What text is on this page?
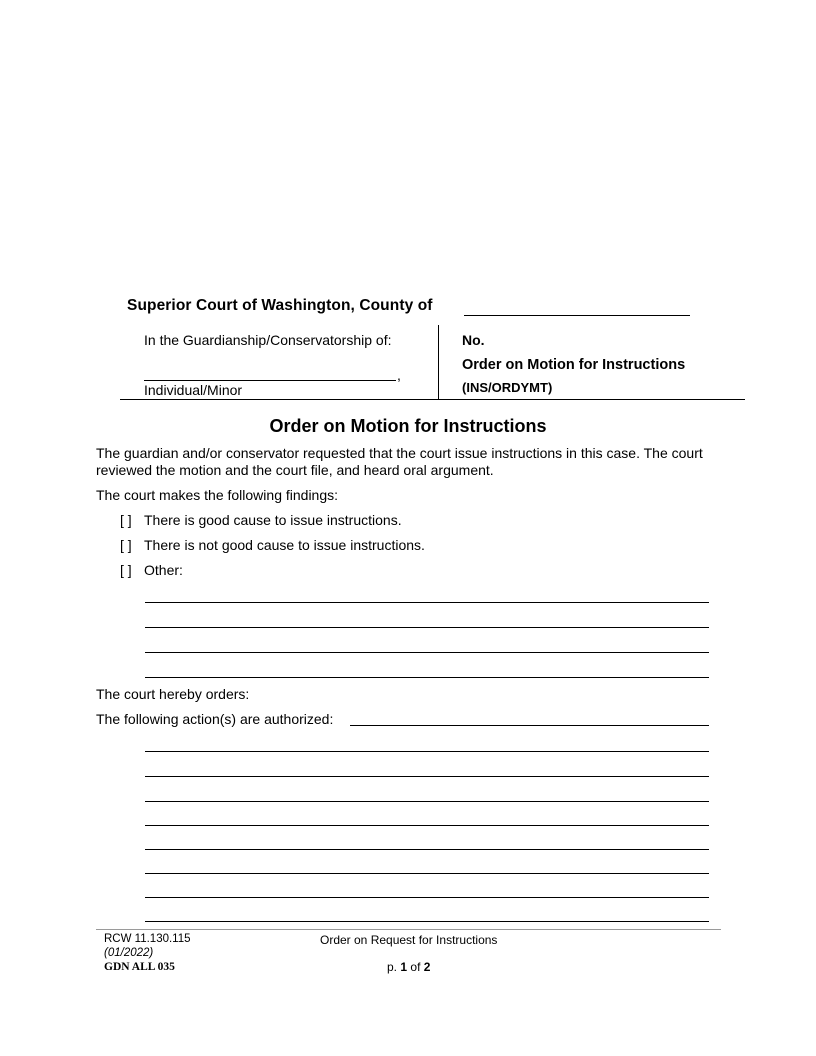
Superior Court of Washington, County of
In the Guardianship/Conservatorship of:
,
Individual/Minor
No.
Order on Motion for Instructions
(INS/ORDYMT)
Order on Motion for Instructions
The guardian and/or conservator requested that the court issue instructions in this case. The court reviewed the motion and the court file, and heard oral argument.
The court makes the following findings:
[ ] There is good cause to issue instructions.
[ ] There is not good cause to issue instructions.
[ ] Other:
The court hereby orders:
The following action(s) are authorized:
RCW 11.130.115
(01/2022)
GDN ALL 035
Order on Request for Instructions
p. 1 of 2
